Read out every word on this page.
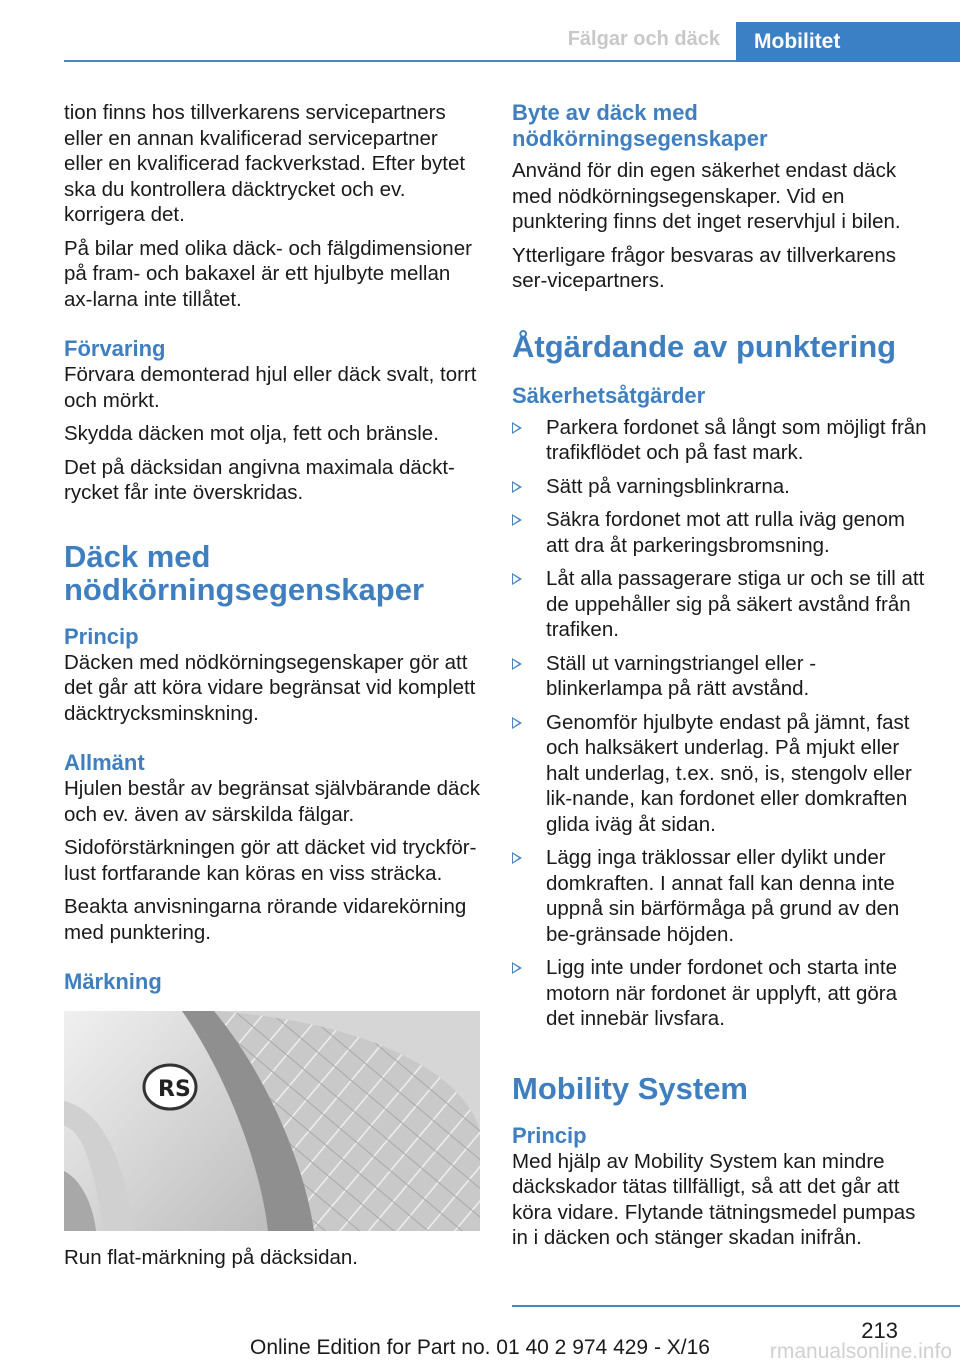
Fälgar och däck	Mobilitet

tion finns hos tillverkarens servicepartners eller en annan kvalificerad servicepartner eller en kvalificerad fackverkstad. Efter bytet ska du kontrollera däcktrycket och ev. korrigera det.

På bilar med olika däck- och fälgdimensioner på fram- och bakaxel är ett hjulbyte mellan ax‐larna inte tillåtet.

Förvaring

Förvara demonterad hjul eller däck svalt, torrt och mörkt.

Skydda däcken mot olja, fett och bränsle.

Det på däcksidan angivna maximala däckt‐rycket får inte överskridas.

Däck med nödkörningsegenskaper
Princip

Däcken med nödkörningsegenskaper gör att det går att köra vidare begränsat vid komplett däcktrycksminskning.

Allmänt

Hjulen består av begränsat självbärande däck och ev. även av särskilda fälgar.

Sidoförstärkningen gör att däcket vid tryckför‐lust fortfarande kan köras en viss sträcka.

Beakta anvisningarna rörande vidarekörning med punktering.

Märkning
RS

Run flat-märkning på däcksidan.

Byte av däck med nödkörningsegenskaper

Använd för din egen säkerhet endast däck med nödkörningsegenskaper. Vid en punktering finns det inget reservhjul i bilen.

Ytterligare frågor besvaras av tillverkarens ser‐vicepartners.

Åtgärdande av punktering
Säkerhetsåtgärder
Parkera fordonet så långt som möjligt från trafikflödet och på fast mark.
Sätt på varningsblinkrarna.
Säkra fordonet mot att rulla iväg genom att dra åt parkeringsbromsning.
Låt alla passagerare stiga ur och se till att de uppehåller sig på säkert avstånd från trafiken.
Ställ ut varningstriangel eller -blinkerlampa på rätt avstånd.
Genomför hjulbyte endast på jämnt, fast och halksäkert underlag. På mjukt eller halt underlag, t.ex. snö, is, stengolv eller lik‐nande, kan fordonet eller domkraften glida iväg åt sidan.
Lägg inga träklossar eller dylikt under domkraften. I annat fall kan denna inte uppnå sin bärförmåga på grund av den be‐gränsade höjden.
Ligg inte under fordonet och starta inte motorn när fordonet är upplyft, att göra det innebär livsfara.
Mobility System
Princip

Med hjälp av Mobility System kan mindre däckskador tätas tillfälligt, så att det går att köra vidare. Flytande tätningsmedel pumpas in i däcken och stänger skadan inifrån.

213
Online Edition for Part no. 01 40 2 974 429 - X/16	rmanualsonline.info
